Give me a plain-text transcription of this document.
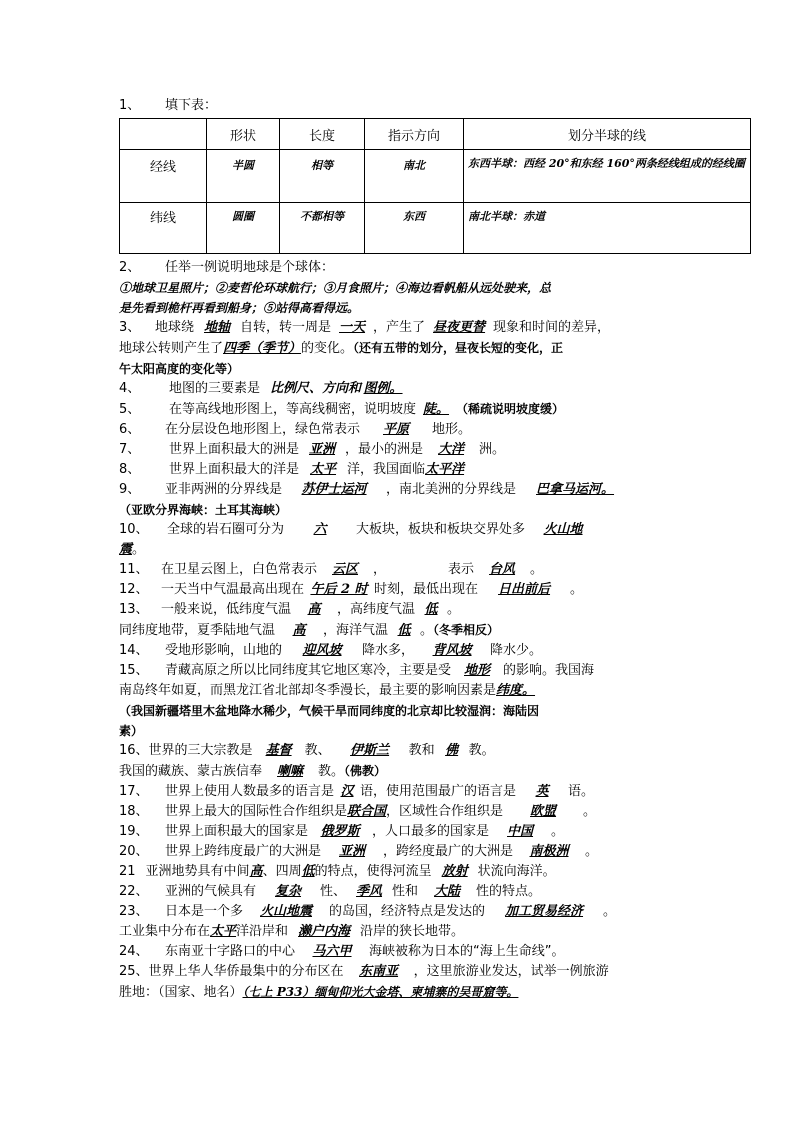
1、 填下表：
	形状	长度	指示方向	划分半球的线
经线	半圆	相等	南北	东西半球：西经 20°和东经 160°两条经线组成的经线圈
纬线	圆圈	不都相等	东西	南北半球：赤道
2、 任举一例说明地球是个球体：
①地球卫星照片；②麦哲伦环球航行；③月食照片；④海边看帆船从远处驶来，总
是先看到桅杆再看到船身；⑤站得高看得远。
3、 地球绕 地轴 自转，转一周是 一天 ，产生了 昼夜更替 现象和时间的差异，
地球公转则产生了四季（季节）的变化。（还有五带的划分，昼夜长短的变化，正
午太阳高度的变化等）
4、 地图的三要素是 比例尺、方向和 图例。
5、 在等高线地形图上，等高线稠密，说明坡度 陡。 （稀疏说明坡度缓）
6、 在分层设色地形图上，绿色常表示 平原 地形。
7、 世界上面积最大的洲是 亚洲 ，最小的洲是 大洋 洲。
8、 世界上面积最大的洋是 太平 洋，我国面临太平洋
9、 亚非两洲的分界线是 苏伊士运河 ，南北美洲的分界线是 巴拿马运河。
（亚欧分界海峡：土耳其海峡）
10、 全球的岩石圈可分为 六 大板块，板块和板块交界处多 火山地
震。
11、 在卫星云图上，白色常表示 云区 ，	表示 台风 。
12、 一天当中气温最高出现在 午后 2 时 时刻，最低出现在 日出前后 。
13、 一般来说，低纬度气温 高 ，高纬度气温 低 。
同纬度地带，夏季陆地气温 高 ，海洋气温 低 。（冬季相反）
14、 受地形影响，山地的 迎风坡 降水多， 背风坡 降水少。
15、 青藏高原之所以比同纬度其它地区寒冷，主要是受 地形 的影响。我国海
南岛终年如夏，而黑龙江省北部却冬季漫长，最主要的影响因素是纬度。
（我国新疆塔里木盆地降水稀少，气候干旱而同纬度的北京却比较湿润：海陆因
素）
16、世界的三大宗教是 基督 教、 伊斯兰 教和 佛 教。
我国的藏族、蒙古族信奉 喇嘛 教。（佛教）
17、 世界上使用人数最多的语言是 汉 语，使用范围最广的语言是 英 语。
18、 世界上最大的国际性合作组织是联合国，区域性合作组织是 欧盟 。
19、 世界上面积最大的国家是 俄罗斯 ，人口最多的国家是 中国 。
20、 世界上跨纬度最广的大洲是 亚洲 ，跨经度最广的大洲是 南极洲 。
21 亚洲地势具有中间高、四周低的特点，使得河流呈 放射 状流向海洋。
22、 亚洲的气候具有 复杂 性、 季风 性和 大陆 性的特点。
23、 日本是一个多 火山地震 的岛国，经济特点是发达的 加工贸易经济 。
工业集中分布在太平洋沿岸和 濑户内海 沿岸的狭长地带。
24、 东南亚十字路口的中心 马六甲 海峡被称为日本的“海上生命线”。
25、世界上华人华侨最集中的分布区在 东南亚 ，这里旅游业发达，试举一例旅游
胜地：（国家、地名）（七上 P33）缅甸仰光大金塔、柬埔寨的吴哥窟等。
